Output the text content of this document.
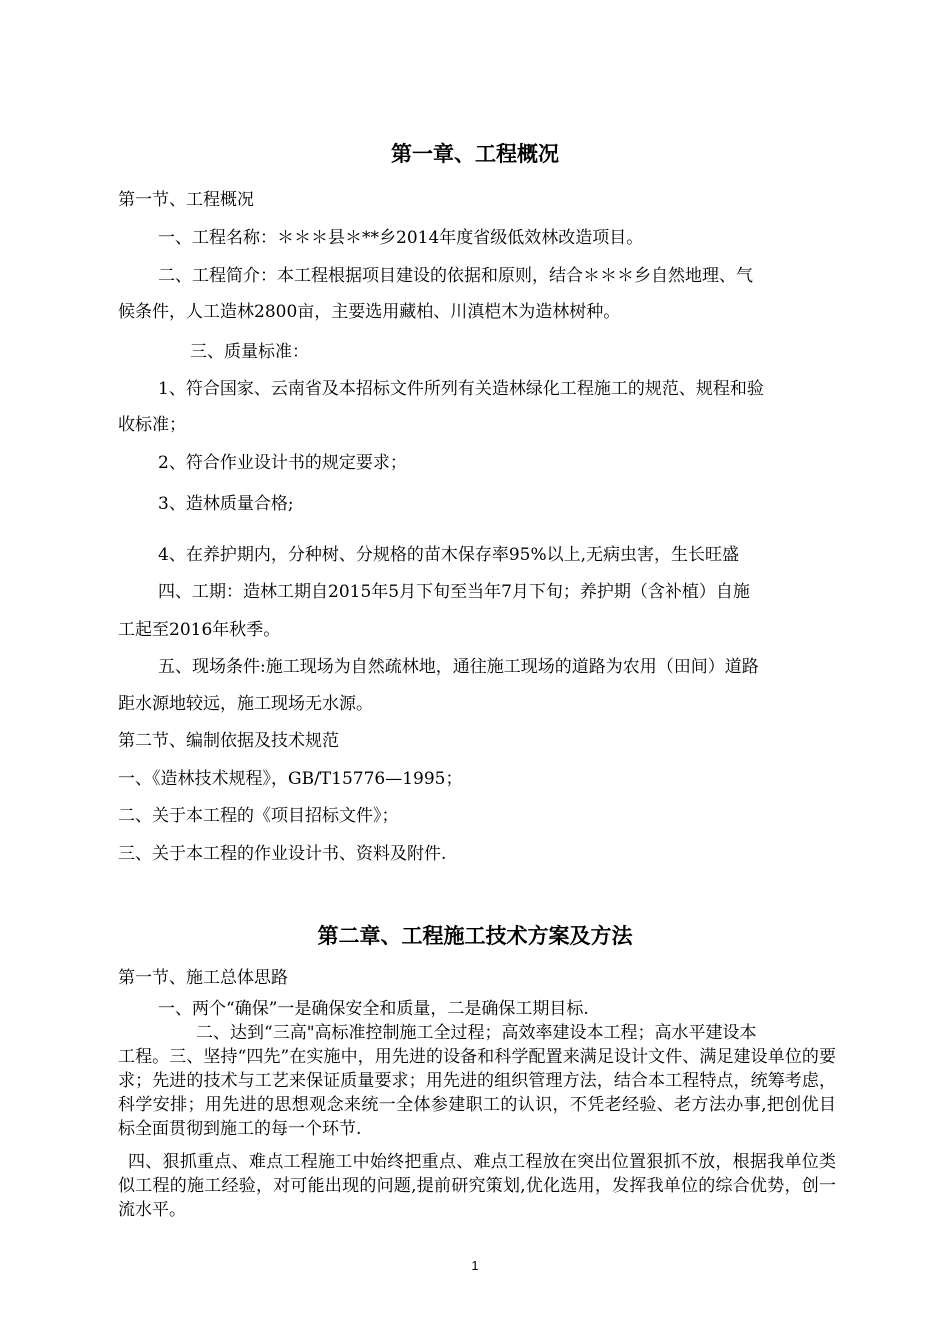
第一章、工程概况

第一节、工程概况

一、工程名称：＊＊＊县＊**乡2014年度省级低效林改造项目。

二、工程简介：本工程根据项目建设的依据和原则，结合＊＊＊乡自然地理、气

候条件，人工造林2800亩，主要选用藏柏、川滇桤木为造林树种。

三、质量标准：

1、符合国家、云南省及本招标文件所列有关造林绿化工程施工的规范、规程和验

收标准；

2、符合作业设计书的规定要求；

3、造林质量合格;

4、在养护期内，分种树、分规格的苗木保存率95%以上,无病虫害，生长旺盛

四、工期：造林工期自2015年5月下旬至当年7月下旬；养护期（含补植）自施

工起至2016年秋季。

五、现场条件:施工现场为自然疏林地，通往施工现场的道路为农用（田间）道路

距水源地较远，施工现场无水源。

第二节、编制依据及技术规范

一、《造林技术规程》，GB/T15776—1995；

二、关于本工程的《项目招标文件》；

三、关于本工程的作业设计书、资料及附件.

第二章、工程施工技术方案及方法

第一节、施工总体思路

一、两个“确保”一是确保安全和质量，二是确保工期目标.

二、达到“三高"高标准控制施工全过程；高效率建设本工程；高水平建设本

工程。三、坚持“四先”在实施中，用先进的设备和科学配置来满足设计文件、满足建设单位的要求；先进的技术与工艺来保证质量要求；用先进的组织管理方法，结合本工程特点，统筹考虑，科学安排；用先进的思想观念来统一全体参建职工的认识，不凭老经验、老方法办事,把创优目标全面贯彻到施工的每一个环节.

四、狠抓重点、难点工程施工中始终把重点、难点工程放在突出位置狠抓不放，根据我单位类似工程的施工经验，对可能出现的问题,提前研究策划,优化选用，发挥我单位的综合优势，创一流水平。

1
